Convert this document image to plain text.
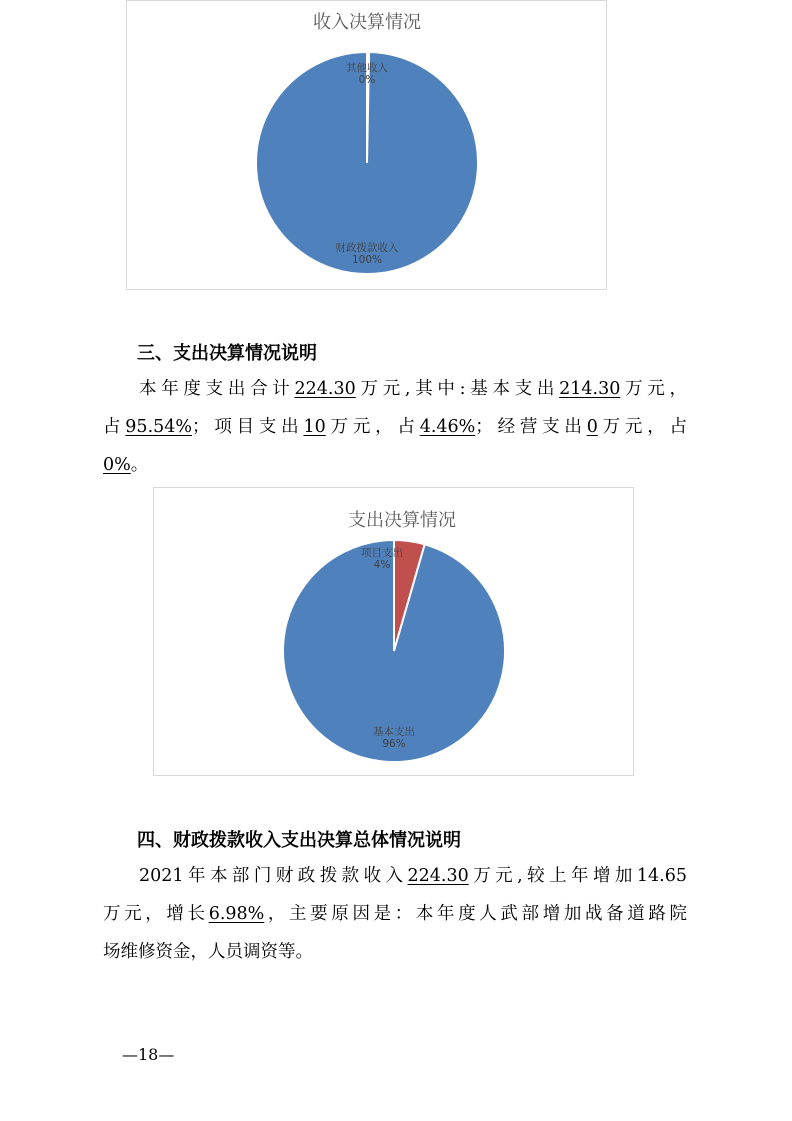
收入决算情况
其他收入
0%
财政拨款收入
100%
三、支出决算情况说明
本年度支出合计224.30万元,其中:基本支出214.30万元，
占95.54%；项目支出10万元，占4.46%；经营支出0万元，占
0%。
支出决算情况
项目支出
4%
基本支出
96%
四、财政拨款收入支出决算总体情况说明
2021年本部门财政拨款收入224.30万元,较上年增加14.65
万元，增长6.98%，主要原因是：本年度人武部增加战备道路院
场维修资金，人员调资等。
—18—
